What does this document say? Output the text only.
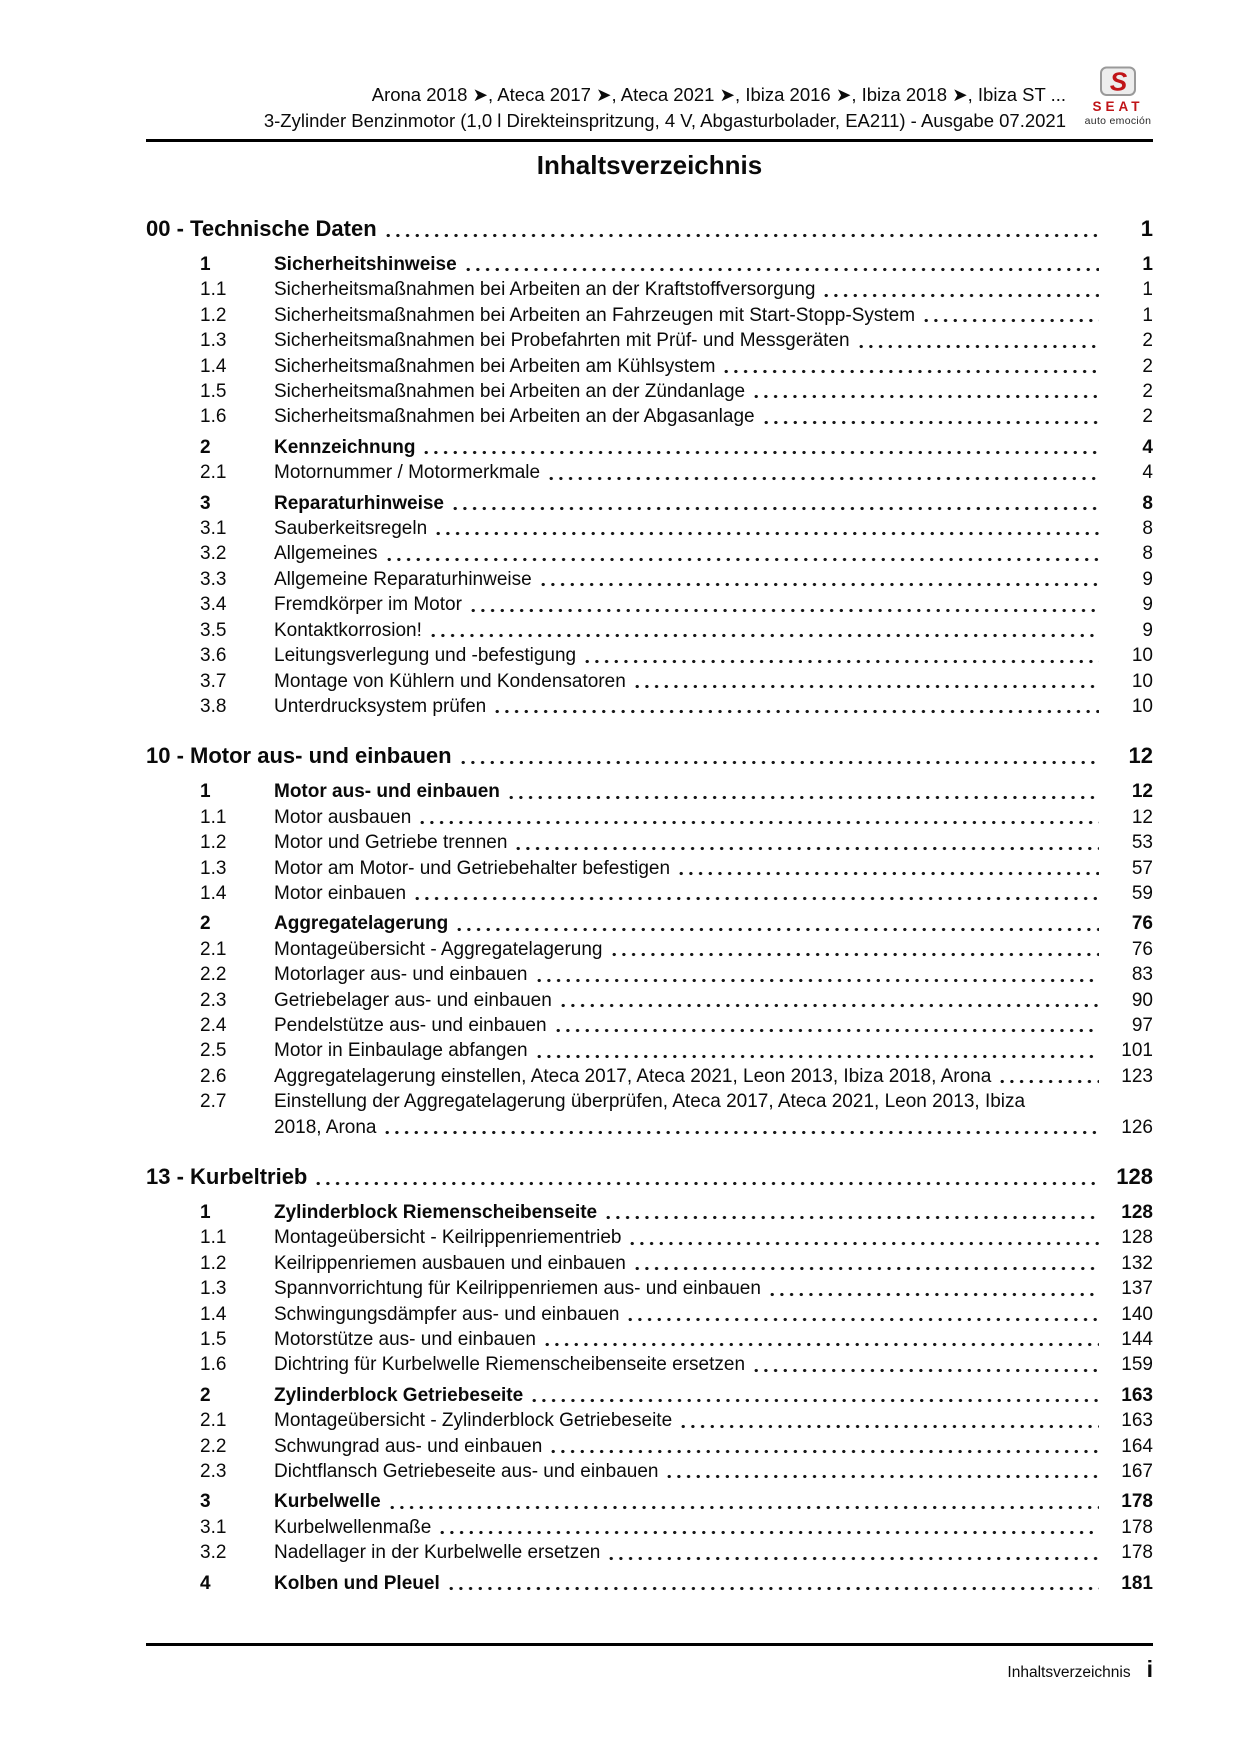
Arona 2018 ➤, Ateca 2017 ➤, Ateca 2021 ➤, Ibiza 2016 ➤, Ibiza 2018 ➤, Ibiza ST ...
3-Zylinder Benzinmotor (1,0 l Direkteinspritzung, 4 V, Abgasturbolader, EA211) - Ausgabe 07.2021
S
SEAT
auto emoción
Inhaltsverzeichnis
00 - Technische Daten	1
1	Sicherheitshinweise	1
1.1	Sicherheitsmaßnahmen bei Arbeiten an der Kraftstoffversorgung	1
1.2	Sicherheitsmaßnahmen bei Arbeiten an Fahrzeugen mit Start-Stopp-System	1
1.3	Sicherheitsmaßnahmen bei Probefahrten mit Prüf- und Messgeräten	2
1.4	Sicherheitsmaßnahmen bei Arbeiten am Kühlsystem	2
1.5	Sicherheitsmaßnahmen bei Arbeiten an der Zündanlage	2
1.6	Sicherheitsmaßnahmen bei Arbeiten an der Abgasanlage	2
2	Kennzeichnung	4
2.1	Motornummer / Motormerkmale	4
3	Reparaturhinweise	8
3.1	Sauberkeitsregeln	8
3.2	Allgemeines	8
3.3	Allgemeine Reparaturhinweise	9
3.4	Fremdkörper im Motor	9
3.5	Kontaktkorrosion!	9
3.6	Leitungsverlegung und -befestigung	10
3.7	Montage von Kühlern und Kondensatoren	10
3.8	Unterdrucksystem prüfen	10
10 - Motor aus- und einbauen	12
1	Motor aus- und einbauen	12
1.1	Motor ausbauen	12
1.2	Motor und Getriebe trennen	53
1.3	Motor am Motor- und Getriebehalter befestigen	57
1.4	Motor einbauen	59
2	Aggregatelagerung	76
2.1	Montageübersicht - Aggregatelagerung	76
2.2	Motorlager aus- und einbauen	83
2.3	Getriebelager aus- und einbauen	90
2.4	Pendelstütze aus- und einbauen	97
2.5	Motor in Einbaulage abfangen	101
2.6	Aggregatelagerung einstellen, Ateca 2017, Ateca 2021, Leon 2013, Ibiza 2018, Arona	123
2.7	Einstellung der Aggregatelagerung überprüfen, Ateca 2017, Ateca 2021, Leon 2013, Ibiza
2018, Arona	126
13 - Kurbeltrieb	128
1	Zylinderblock Riemenscheibenseite	128
1.1	Montageübersicht - Keilrippenriementrieb	128
1.2	Keilrippenriemen ausbauen und einbauen	132
1.3	Spannvorrichtung für Keilrippenriemen aus- und einbauen	137
1.4	Schwingungsdämpfer aus- und einbauen	140
1.5	Motorstütze aus- und einbauen	144
1.6	Dichtring für Kurbelwelle Riemenscheibenseite ersetzen	159
2	Zylinderblock Getriebeseite	163
2.1	Montageübersicht - Zylinderblock Getriebeseite	163
2.2	Schwungrad aus- und einbauen	164
2.3	Dichtflansch Getriebeseite aus- und einbauen	167
3	Kurbelwelle	178
3.1	Kurbelwellenmaße	178
3.2	Nadellager in der Kurbelwelle ersetzen	178
4	Kolben und Pleuel	181
Inhaltsverzeichnis i
